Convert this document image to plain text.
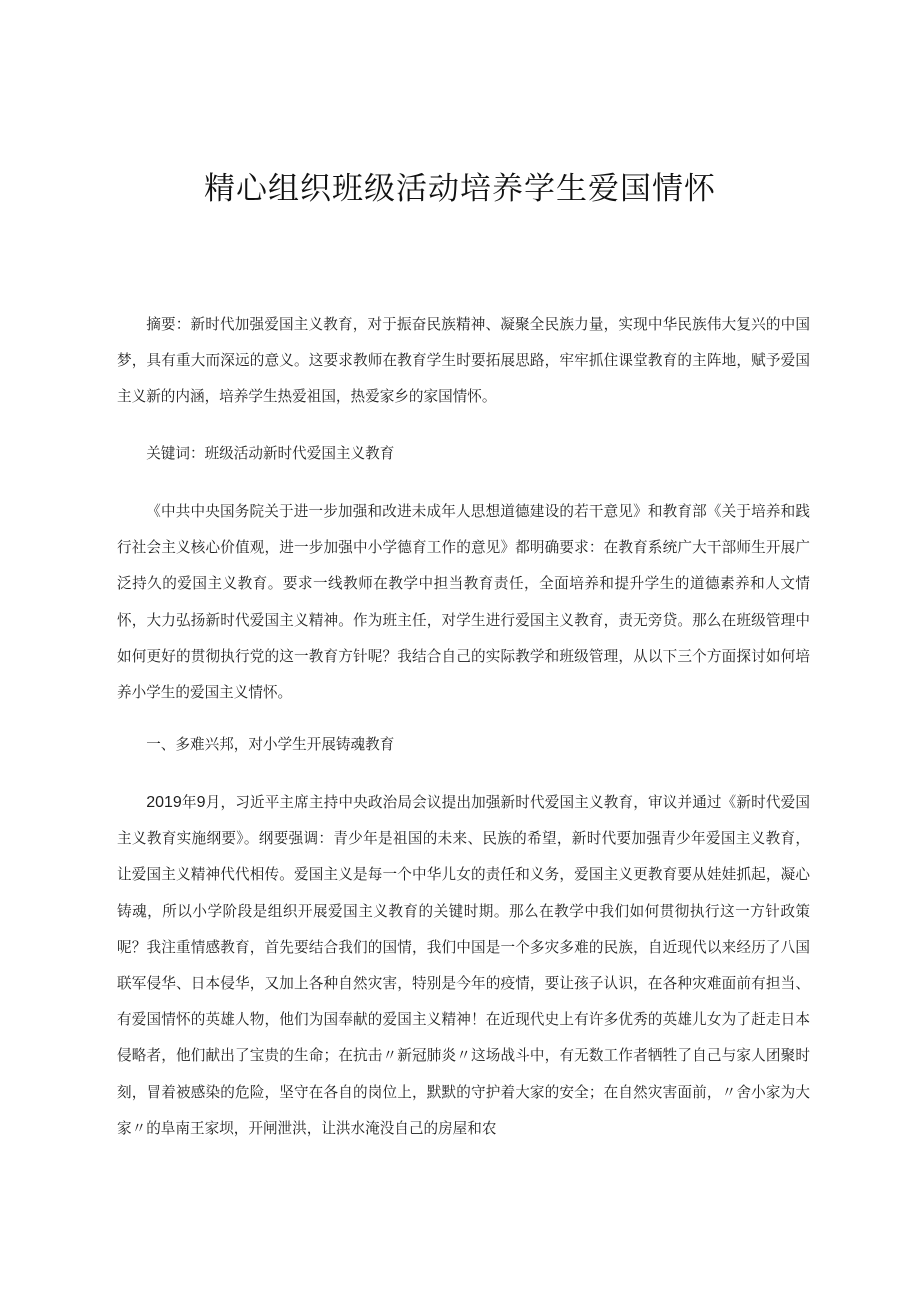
精心组织班级活动培养学生爱国情怀

摘要：新时代加强爱国主义教育，对于振奋民族精神、凝聚全民族力量，实现中华民族伟大复兴的中国梦，具有重大而深远的意义。这要求教师在教育学生时要拓展思路，牢牢抓住课堂教育的主阵地，赋予爱国主义新的内涵，培养学生热爱祖国，热爱家乡的家国情怀。

关键词：班级活动新时代爱国主义教育

《中共中央国务院关于进一步加强和改进未成年人思想道德建设的若干意见》和教育部《关于培养和践行社会主义核心价值观，进一步加强中小学德育工作的意见》都明确要求：在教育系统广大干部师生开展广泛持久的爱国主义教育。要求一线教师在教学中担当教育责任，全面培养和提升学生的道德素养和人文情怀，大力弘扬新时代爱国主义精神。作为班主任，对学生进行爱国主义教育，责无旁贷。那么在班级管理中如何更好的贯彻执行党的这一教育方针呢？我结合自己的实际教学和班级管理，从以下三个方面探讨如何培养小学生的爱国主义情怀。

一、多难兴邦，对小学生开展铸魂教育

2019年9月，习近平主席主持中央政治局会议提出加强新时代爱国主义教育，审议并通过《新时代爱国主义教育实施纲要》。纲要强调：青少年是祖国的未来、民族的希望，新时代要加强青少年爱国主义教育，让爱国主义精神代代相传。爱国主义是每一个中华儿女的责任和义务，爱国主义更教育要从娃娃抓起，凝心铸魂，所以小学阶段是组织开展爱国主义教育的关键时期。那么在教学中我们如何贯彻执行这一方针政策呢？我注重情感教育，首先要结合我们的国情，我们中国是一个多灾多难的民族，自近现代以来经历了八国联军侵华、日本侵华，又加上各种自然灾害，特别是今年的疫情，要让孩子认识，在各种灾难面前有担当、有爱国情怀的英雄人物，他们为国奉献的爱国主义精神！在近现代史上有许多优秀的英雄儿女为了赶走日本侵略者，他们献出了宝贵的生命；在抗击〃新冠肺炎〃这场战斗中，有无数工作者牺牲了自己与家人团聚时刻，冒着被感染的危险，坚守在各自的岗位上，默默的守护着大家的安全；在自然灾害面前，〃舍小家为大家〃的阜南王家坝，开闸泄洪，让洪水淹没自己的房屋和农
